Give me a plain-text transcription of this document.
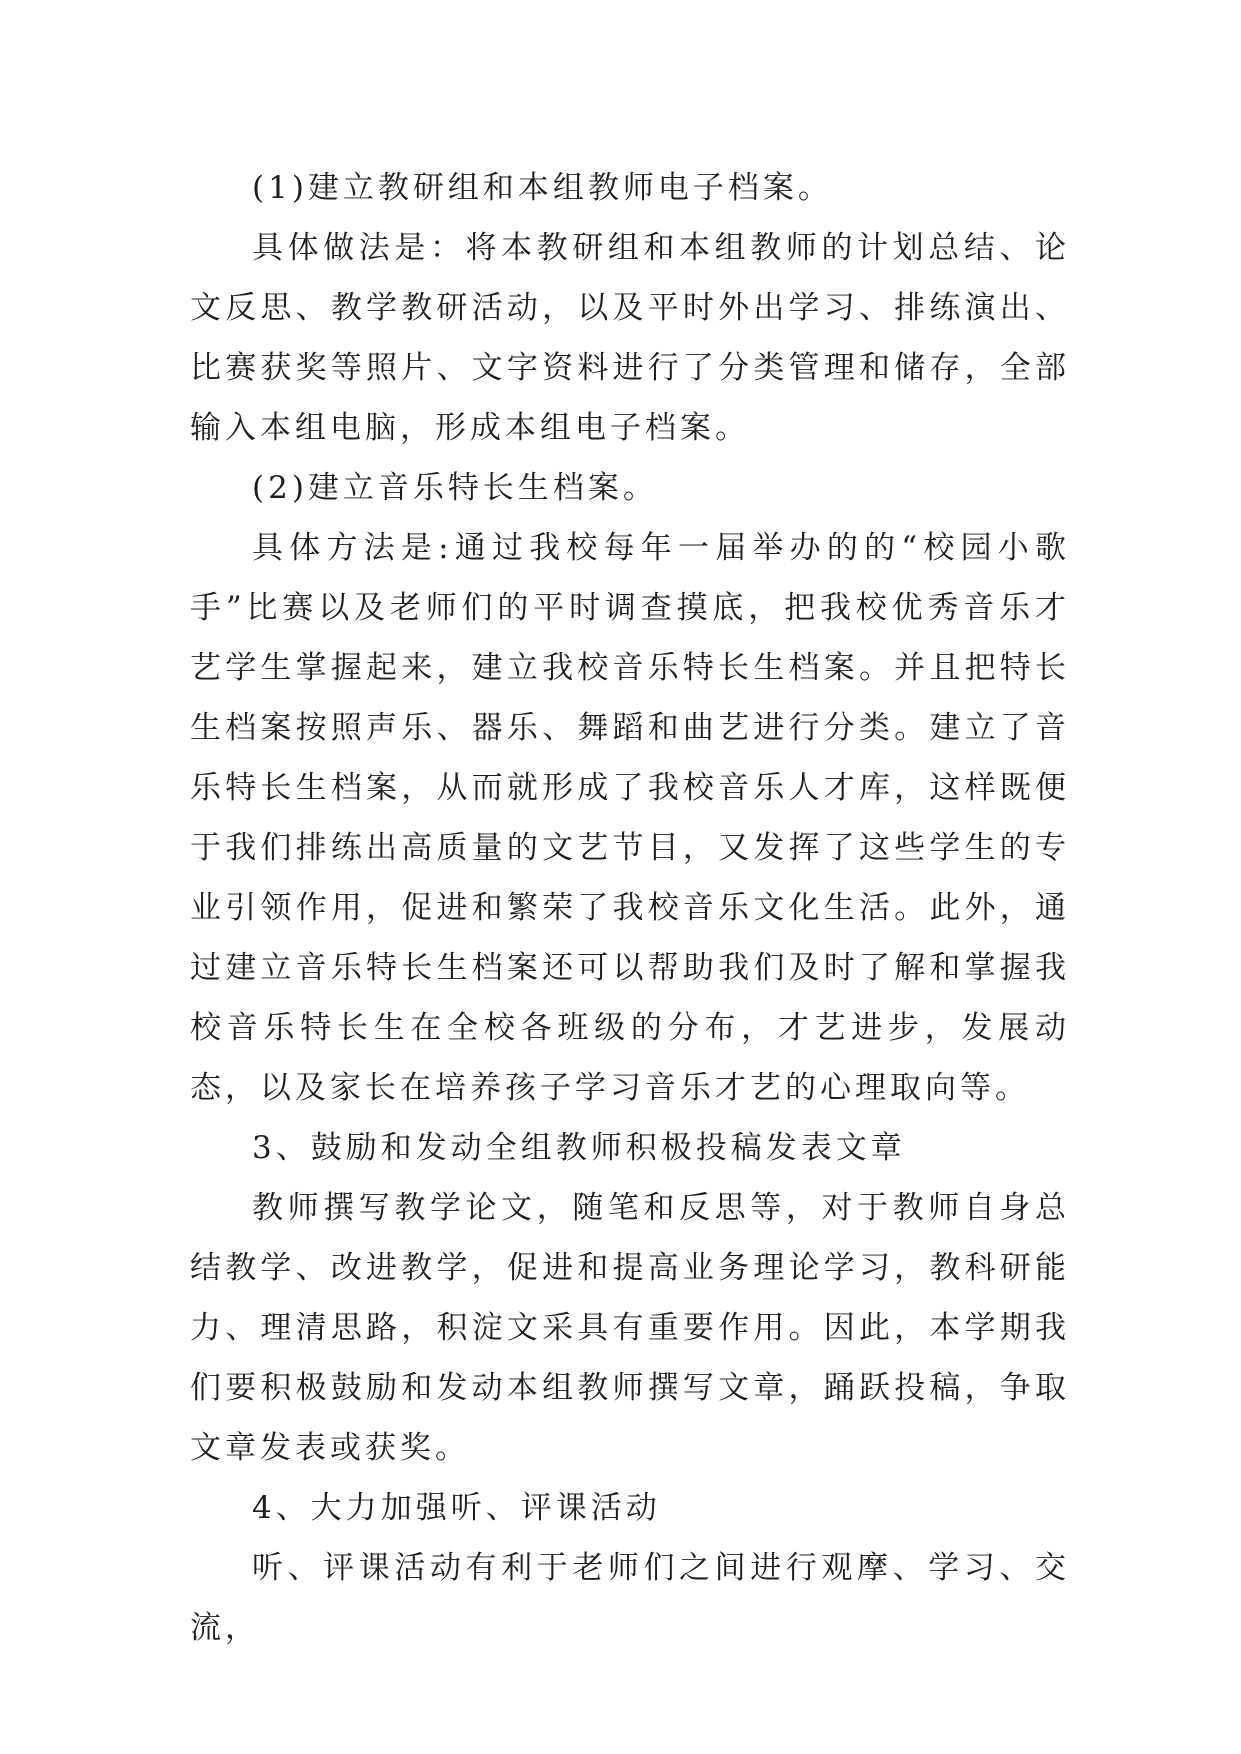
(1)建立教研组和本组教师电子档案。

具体做法是：将本教研组和本组教师的计划总结、论文反思、教学教研活动，以及平时外出学习、排练演出、比赛获奖等照片、文字资料进行了分类管理和储存，全部输入本组电脑，形成本组电子档案。

(2)建立音乐特长生档案。

具体方法是:通过我校每年一届举办的的“校园小歌手”比赛以及老师们的平时调查摸底，把我校优秀音乐才艺学生掌握起来，建立我校音乐特长生档案。并且把特长生档案按照声乐、器乐、舞蹈和曲艺进行分类。建立了音乐特长生档案，从而就形成了我校音乐人才库，这样既便于我们排练出高质量的文艺节目，又发挥了这些学生的专业引领作用，促进和繁荣了我校音乐文化生活。此外，通过建立音乐特长生档案还可以帮助我们及时了解和掌握我校音乐特长生在全校各班级的分布，才艺进步，发展动态，以及家长在培养孩子学习音乐才艺的心理取向等。

3、鼓励和发动全组教师积极投稿发表文章

教师撰写教学论文，随笔和反思等，对于教师自身总结教学、改进教学，促进和提高业务理论学习，教科研能力、理清思路，积淀文采具有重要作用。因此，本学期我们要积极鼓励和发动本组教师撰写文章，踊跃投稿，争取文章发表或获奖。

4、大力加强听、评课活动

听、评课活动有利于老师们之间进行观摩、学习、交流，
